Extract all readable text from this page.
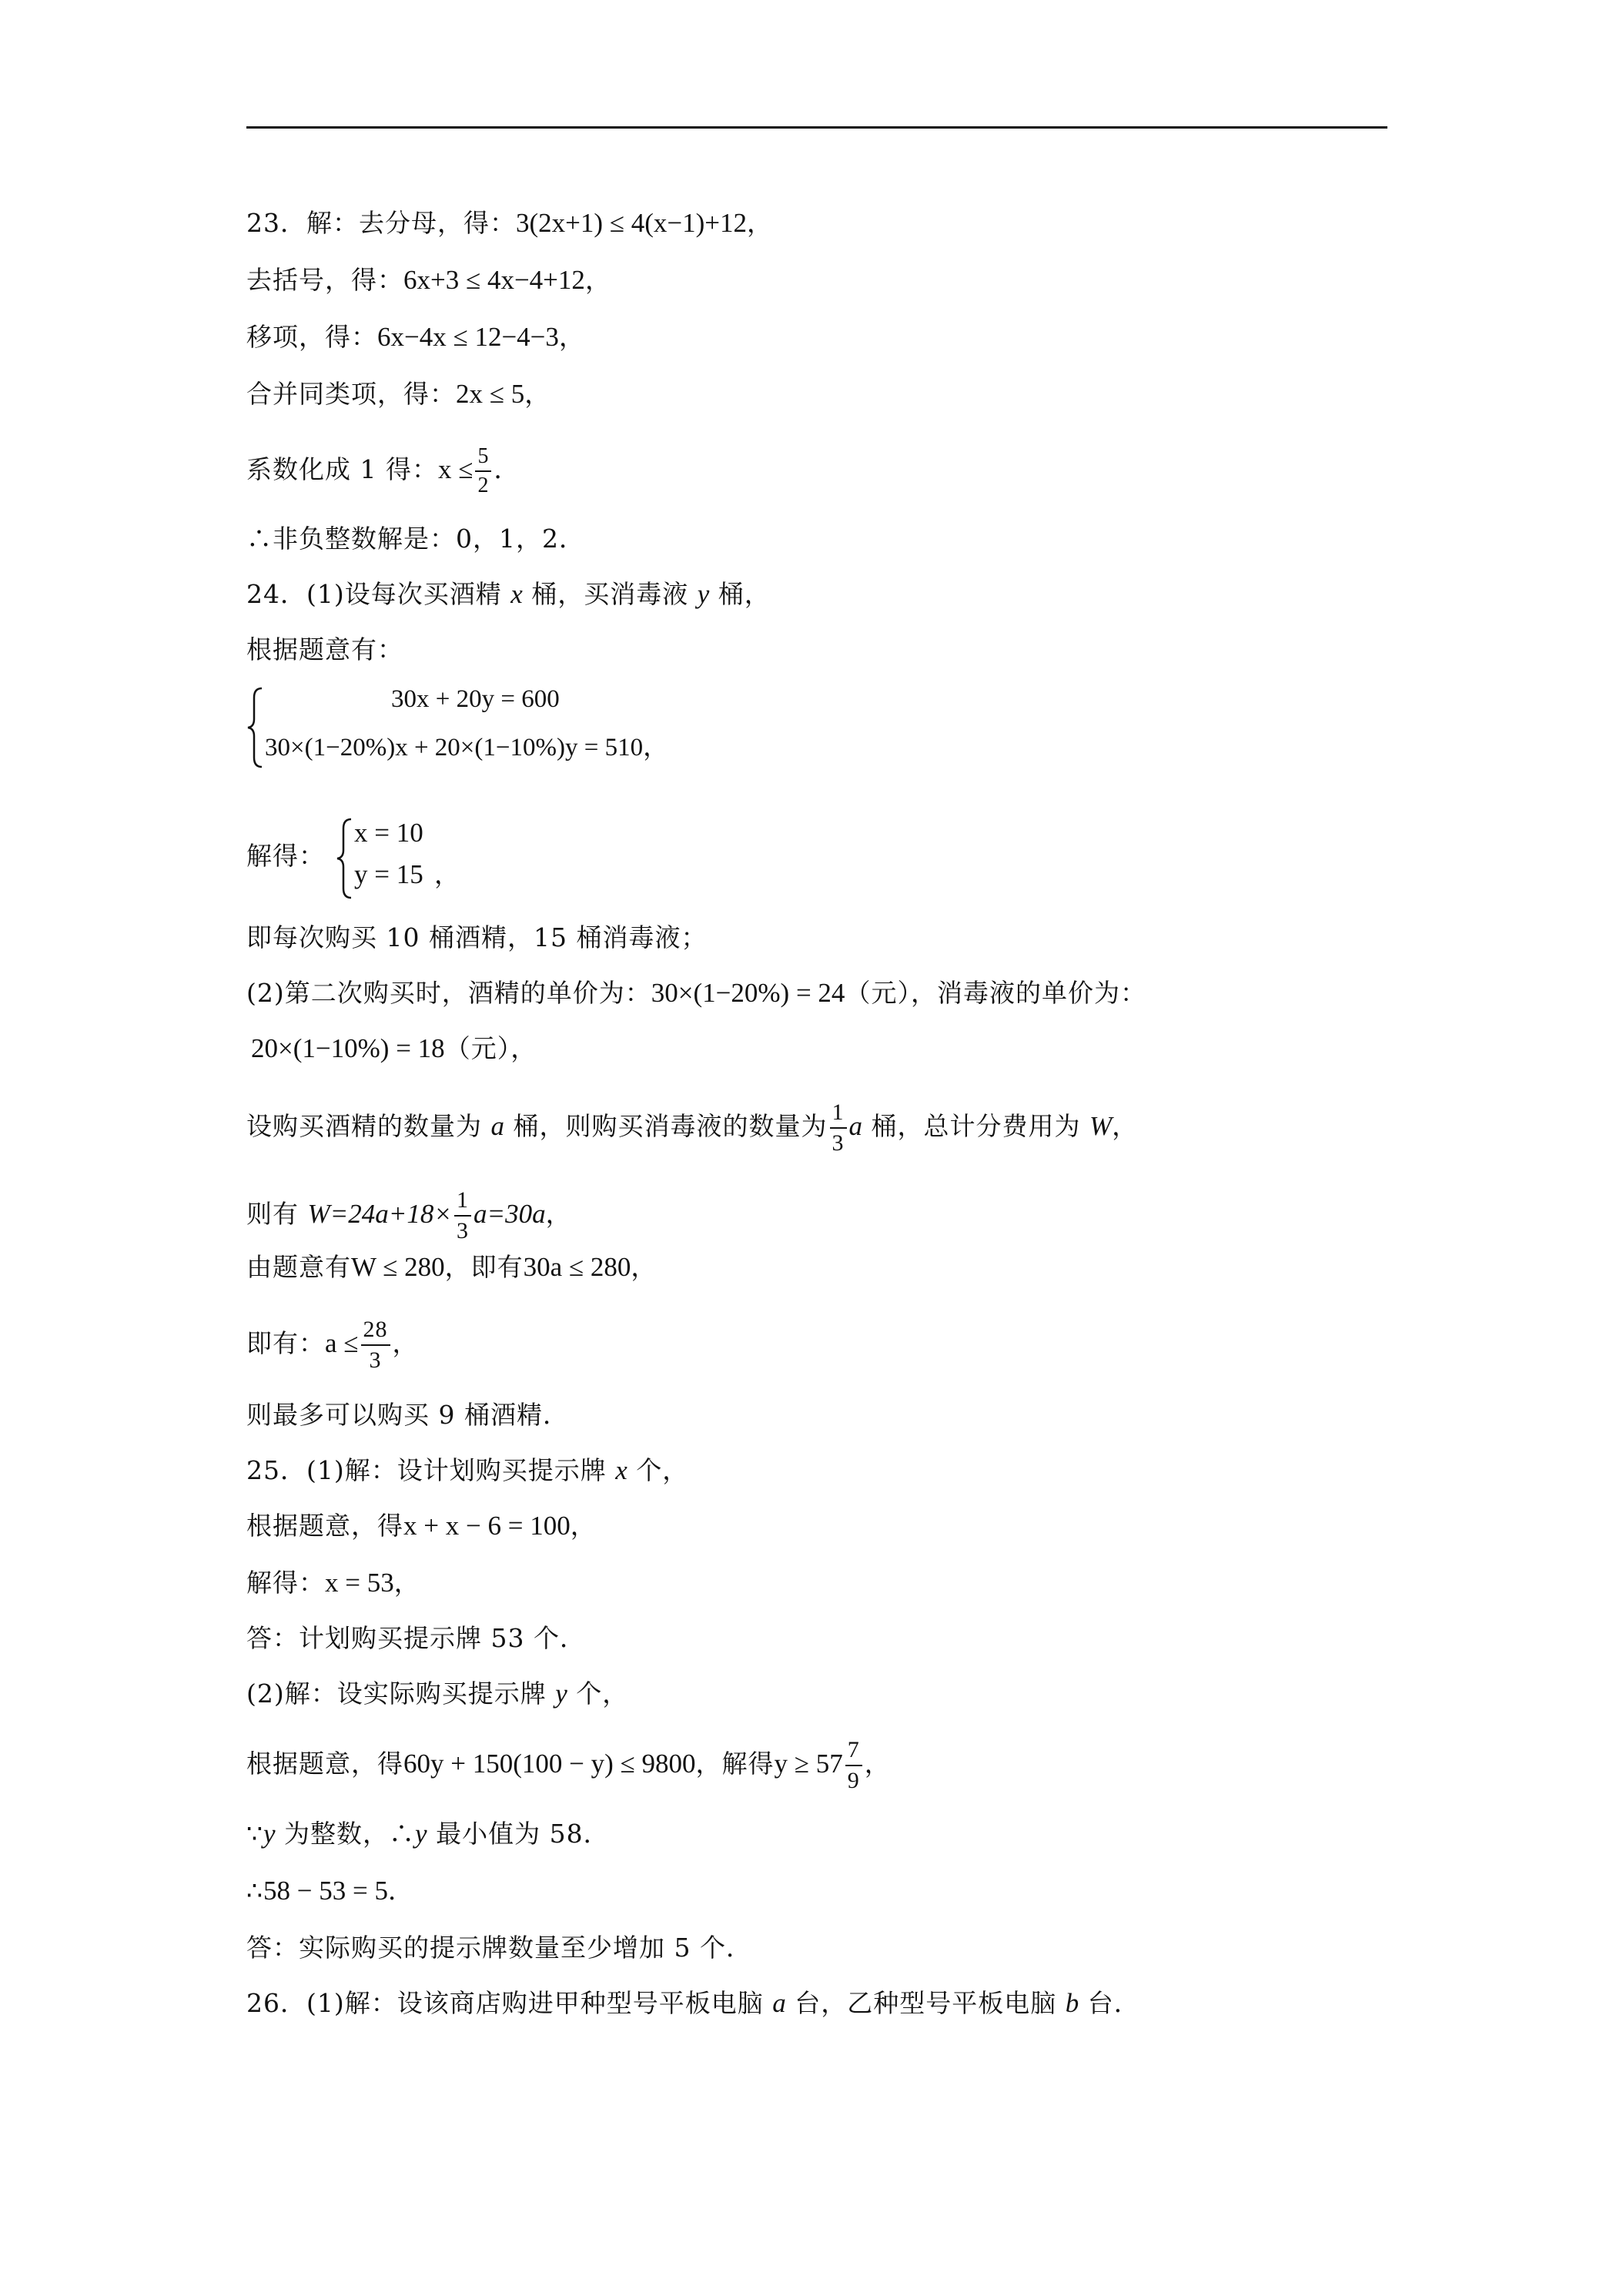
23．解：去分母，得：3(2x+1) ≤ 4(x−1)+12，
去括号，得：6x+3 ≤ 4x−4+12，
移项，得：6x−4x ≤ 12−4−3，
合并同类项，得：2x ≤ 5，
系数化成 1 得：$x \le \frac{5}{2}$ ．
∴非负整数解是：0，1，2．
24．(1)设每次买酒精 x 桶，买消毒液 y 桶，
根据题意有：
30x + 20y = 600
30×(1−20%)x + 20×(1−10%)y = 510，
解得：
x = 10
y = 15 ，
即每次购买 10 桶酒精，15 桶消毒液；
(2)第二次购买时，酒精的单价为：30×(1−20%) = 24（元），消毒液的单价为：
20×(1−10%) = 18（元），
设购买酒精的数量为 a 桶，则购买消毒液的数量为 $\frac{1}{3}$ a 桶，总计分费用为 W，
则有 $W=24a+18\times \frac{1}{3} a=30a$，
由题意有W ≤ 280，即有30a ≤ 280，
即有：$a \le \frac{28}{3}$ ，
则最多可以购买 9 桶酒精．
25．(1)解：设计划购买提示牌 x 个，
根据题意，得x + x − 6 = 100，
解得：x = 53，
答：计划购买提示牌 53 个．
(2)解：设实际购买提示牌 y 个，
根据题意，得60y + 150(100 − y) ≤ 9800，解得$y \ge 57 \frac{7}{9}$ ，
∵y 为整数，∴y 最小值为 58．
∴58 − 53 = 5．
答：实际购买的提示牌数量至少增加 5 个．
26．(1)解：设该商店购进甲种型号平板电脑 a 台，乙种型号平板电脑 b 台．
